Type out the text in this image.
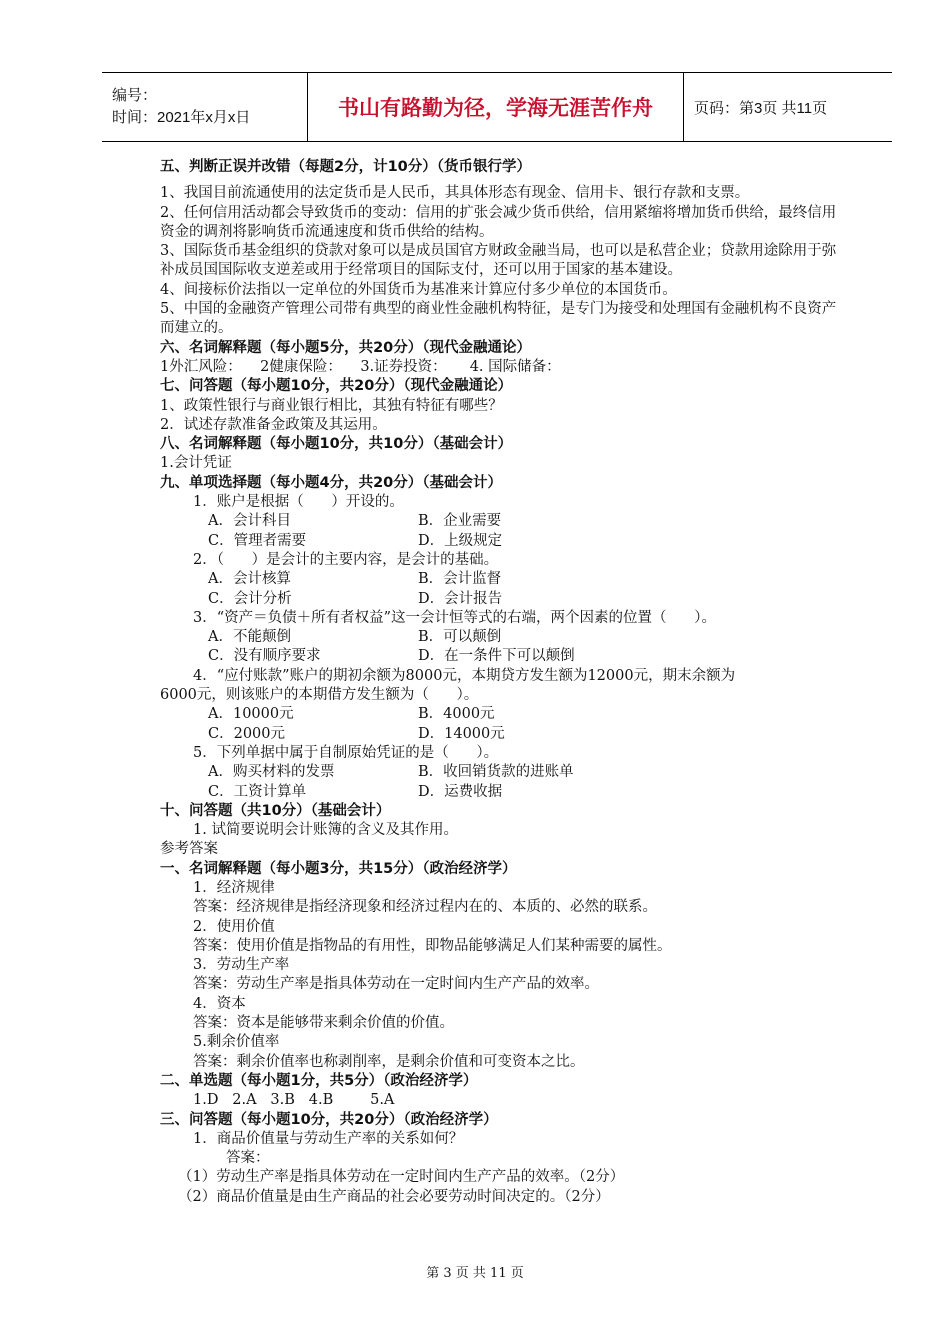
编号：
时间：2021年x月x日	书山有路勤为径，学海无涯苦作舟	页码：第3页 共11页
五、判断正误并改错（每题2分，计10分）（货币银行学）
1、我国目前流通使用的法定货币是人民币，其具体形态有现金、信用卡、银行存款和支票。
2、任何信用活动都会导致货币的变动：信用的扩张会减少货币供给，信用紧缩将增加货币供给，最终信用资金的调剂将影响货币流通速度和货币供给的结构。
3、国际货币基金组织的贷款对象可以是成员国官方财政金融当局，也可以是私营企业；贷款用途除用于弥补成员国国际收支逆差或用于经常项目的国际支付，还可以用于国家的基本建设。
4、间接标价法指以一定单位的外国货币为基准来计算应付多少单位的本国货币。
5、中国的金融资产管理公司带有典型的商业性金融机构特征，是专门为接受和处理国有金融机构不良资产而建立的。
六、名词解释题（每小题5分，共20分）（现代金融通论）
1外汇风险：    2健康保险：    3.证券投资：     4. 国际储备：
七、问答题（每小题10分，共20分）（现代金融通论）
1、政策性银行与商业银行相比，其独有特征有哪些？
2．试述存款准备金政策及其运用。
八、名词解释题（每小题10分，共10分）（基础会计）
1.会计凭证
九、单项选择题（每小题4分，共20分）（基础会计）
1．账户是根据（      ）开设的。
A．会计科目	B．企业需要
C．管理者需要	D．上级规定
2．（      ）是会计的主要内容，是会计的基础。
A．会计核算	B．会计监督
C．会计分析	D．会计报告
3．“资产＝负债＋所有者权益”这一会计恒等式的右端，两个因素的位置（      ）。
A．不能颠倒	B．可以颠倒
C．没有顺序要求	D．在一条件下可以颠倒
4．“应付账款”账户的期初余额为8000元，本期贷方发生额为12000元，期末余额为
6000元，则该账户的本期借方发生额为（      ）。
A．10000元	B．4000元
C．2000元	D．14000元
5．下列单据中属于自制原始凭证的是（      ）。
A．购买材料的发票	B．收回销货款的进账单
C．工资计算单	D．运费收据
十、问答题（共10分）（基础会计）
1. 试简要说明会计账簿的含义及其作用。
参考答案
一、名词解释题（每小题3分，共15分）（政治经济学）
1．经济规律
答案：经济规律是指经济现象和经济过程内在的、本质的、必然的联系。
2．使用价值
答案：使用价值是指物品的有用性，即物品能够满足人们某种需要的属性。
3．劳动生产率
答案：劳动生产率是指具体劳动在一定时间内生产产品的效率。
4．资本
答案：资本是能够带来剩余价值的价值。
5.剩余价值率
答案：剩余价值率也称剥削率，是剩余价值和可变资本之比。
二、单选题（每小题1分，共5分）（政治经济学）
1.D   2.A   3.B   4.B        5.A
三、问答题（每小题10分，共20分）（政治经济学）
1．商品价值量与劳动生产率的关系如何？
答案：
（1）劳动生产率是指具体劳动在一定时间内生产产品的效率。（2分）
（2）商品价值量是由生产商品的社会必要劳动时间决定的。（2分）
第 3 页 共 11 页
